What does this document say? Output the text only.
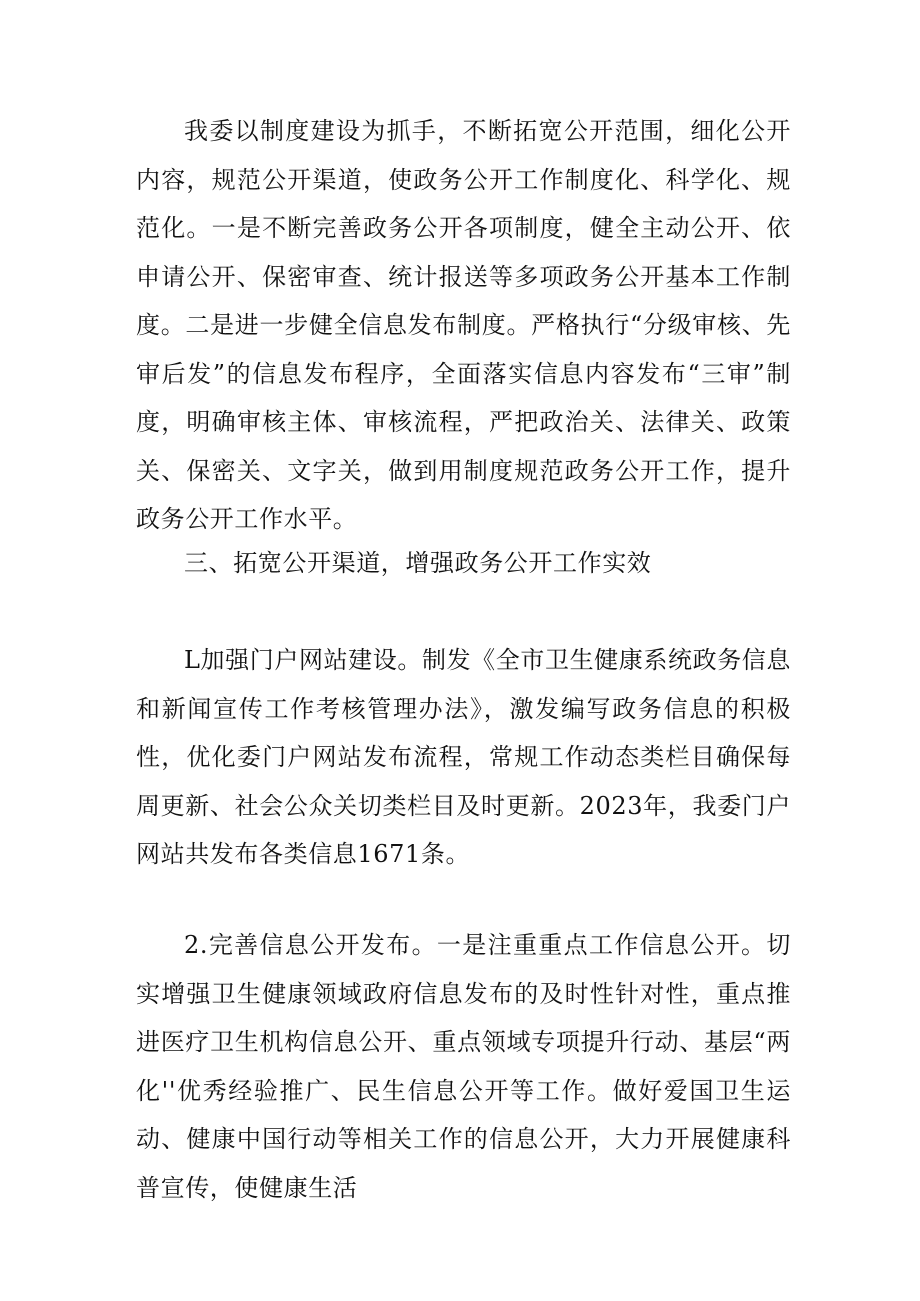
我委以制度建设为抓手，不断拓宽公开范围，细化公开内容，规范公开渠道，使政务公开工作制度化、科学化、规范化。一是不断完善政务公开各项制度，健全主动公开、依申请公开、保密审查、统计报送等多项政务公开基本工作制度。二是进一步健全信息发布制度。严格执行“分级审核、先审后发”的信息发布程序，全面落实信息内容发布“三审”制度，明确审核主体、审核流程，严把政治关、法律关、政策关、保密关、文字关，做到用制度规范政务公开工作，提升政务公开工作水平。

三、拓宽公开渠道，增强政务公开工作实效

L加强门户网站建设。制发《全市卫生健康系统政务信息和新闻宣传工作考核管理办法》，激发编写政务信息的积极性，优化委门户网站发布流程，常规工作动态类栏目确保每周更新、社会公众关切类栏目及时更新。2023年，我委门户网站共发布各类信息1671条。

2.完善信息公开发布。一是注重重点工作信息公开。切实增强卫生健康领域政府信息发布的及时性针对性，重点推进医疗卫生机构信息公开、重点领域专项提升行动、基层“两化''优秀经验推广、民生信息公开等工作。做好爱国卫生运动、健康中国行动等相关工作的信息公开，大力开展健康科普宣传，使健康生活
